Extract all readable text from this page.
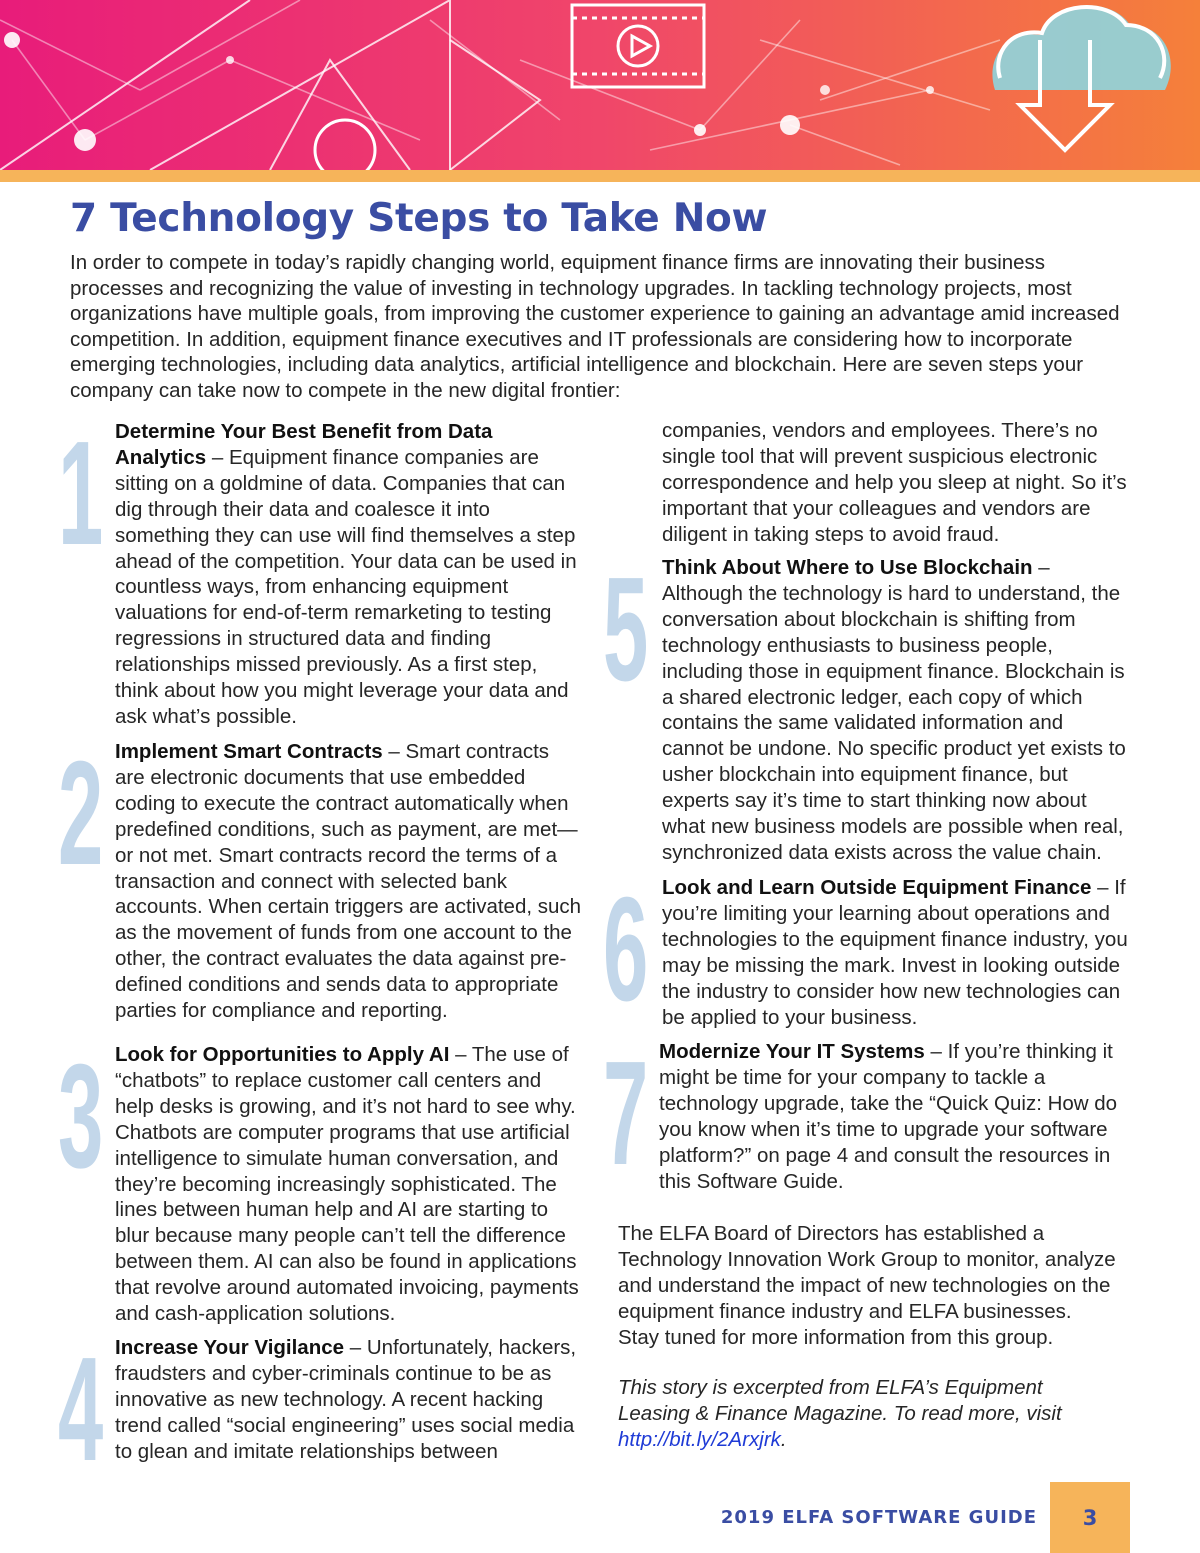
7 Technology Steps to Take Now

In order to compete in today’s rapidly changing world, equipment finance firms are innovating their business processes and recognizing the value of investing in technology upgrades. In tackling technology projects, most organizations have multiple goals, from improving the customer experience to gaining an advantage amid increased competition. In addition, equipment finance executives and IT professionals are considering how to incorporate emerging technologies, including data analytics, artificial intelligence and blockchain. Here are seven steps your company can take now to compete in the new digital frontier:

1 Determine Your Best Benefit from Data Analytics – Equipment finance companies are sitting on a goldmine of data. Companies that can dig through their data and coalesce it into something they can use will find themselves a step ahead of the competition. Your data can be used in countless ways, from enhancing equipment valuations for end-of-term remarketing to testing regressions in structured data and finding relationships missed previously. As a first step, think about how you might leverage your data and ask what’s possible.

2 Implement Smart Contracts – Smart contracts are electronic documents that use embedded coding to execute the contract automatically when predefined conditions, such as payment, are met—or not met. Smart contracts record the terms of a transaction and connect with selected bank accounts. When certain triggers are activated, such as the movement of funds from one account to the other, the contract evaluates the data against pre-defined conditions and sends data to appropriate parties for compliance and reporting.

3 Look for Opportunities to Apply AI – The use of “chatbots” to replace customer call centers and help desks is growing, and it’s not hard to see why. Chatbots are computer programs that use artificial intelligence to simulate human conversation, and they’re becoming increasingly sophisticated. The lines between human help and AI are starting to blur because many people can’t tell the difference between them. AI can also be found in applications that revolve around automated invoicing, payments and cash-application solutions.

4 Increase Your Vigilance – Unfortunately, hackers, fraudsters and cyber-criminals continue to be as innovative as new technology. A recent hacking trend called “social engineering” uses social media to glean and imitate relationships between

companies, vendors and employees. There’s no single tool that will prevent suspicious electronic correspondence and help you sleep at night. So it’s important that your colleagues and vendors are diligent in taking steps to avoid fraud.

5 Think About Where to Use Blockchain – Although the technology is hard to understand, the conversation about blockchain is shifting from technology enthusiasts to business people, including those in equipment finance. Blockchain is a shared electronic ledger, each copy of which contains the same validated information and cannot be undone. No specific product yet exists to usher blockchain into equipment finance, but experts say it’s time to start thinking now about what new business models are possible when real, synchronized data exists across the value chain.

6 Look and Learn Outside Equipment Finance – If you’re limiting your learning about operations and technologies to the equipment finance industry, you may be missing the mark. Invest in looking outside the industry to consider how new technologies can be applied to your business.

7 Modernize Your IT Systems – If you’re thinking it might be time for your company to tackle a technology upgrade, take the “Quick Quiz: How do you know when it’s time to upgrade your software platform?” on page 4 and consult the resources in this Software Guide.

The ELFA Board of Directors has established a Technology Innovation Work Group to monitor, analyze and understand the impact of new technologies on the equipment finance industry and ELFA businesses. Stay tuned for more information from this group.

This story is excerpted from ELFA’s Equipment Leasing & Finance Magazine. To read more, visit http://bit.ly/2Arxjrk.

2019 ELFA SOFTWARE GUIDE 3
